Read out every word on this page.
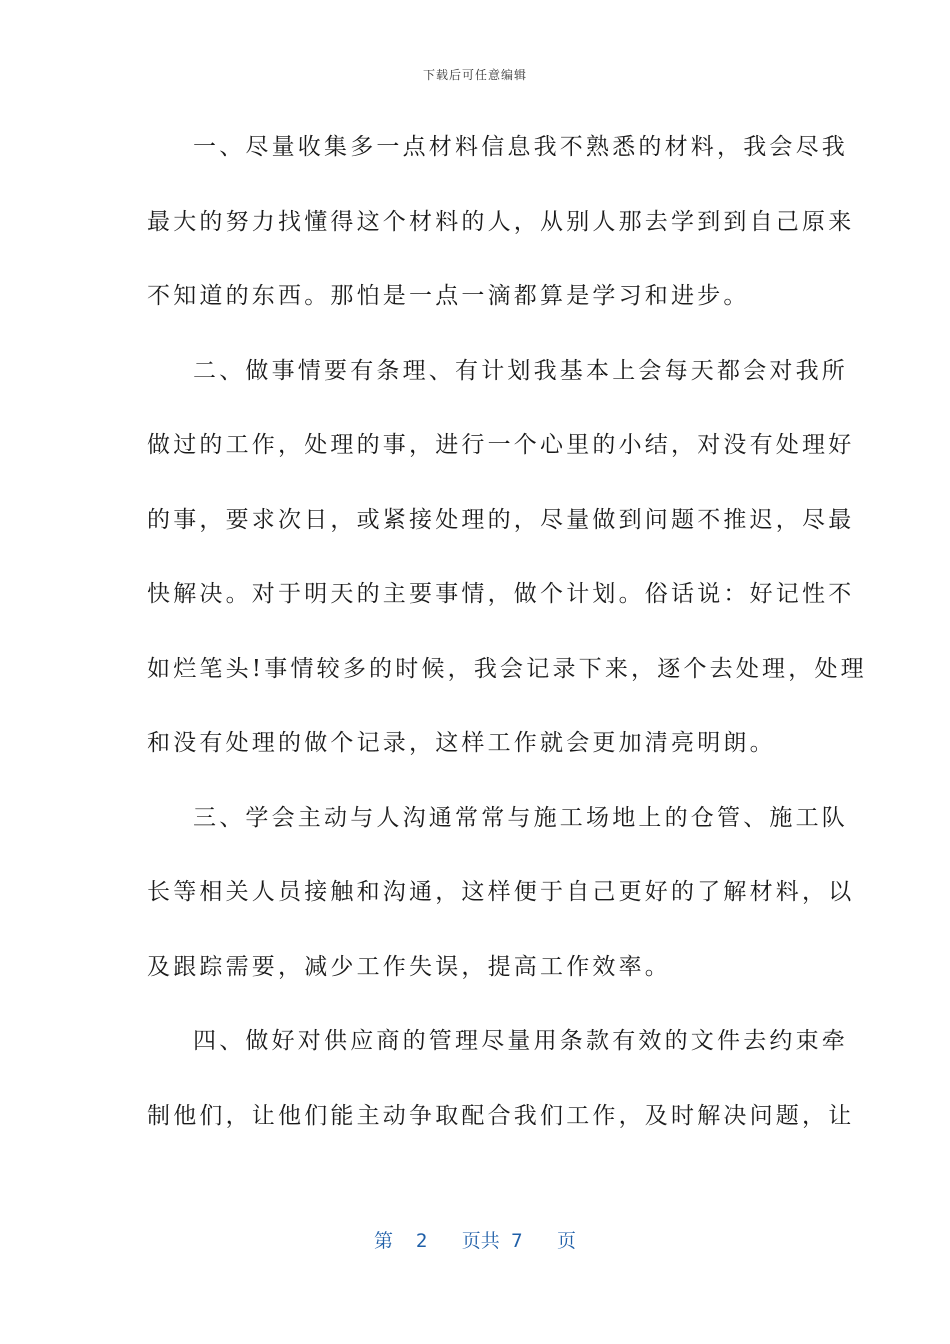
下载后可任意编辑
一、尽量收集多一点材料信息我不熟悉的材料，我会尽我
最大的努力找懂得这个材料的人，从别人那去学到到自己原来
不知道的东西。那怕是一点一滴都算是学习和进步。
二、做事情要有条理、有计划我基本上会每天都会对我所
做过的工作，处理的事，进行一个心里的小结，对没有处理好
的事，要求次日，或紧接处理的，尽量做到问题不推迟，尽最
快解决。对于明天的主要事情，做个计划。俗话说：好记性不
如烂笔头!事情较多的时候，我会记录下来，逐个去处理，处理
和没有处理的做个记录，这样工作就会更加清亮明朗。
三、学会主动与人沟通常常与施工场地上的仓管、施工队
长等相关人员接触和沟通，这样便于自己更好的了解材料，以
及跟踪需要，减少工作失误，提高工作效率。
四、做好对供应商的管理尽量用条款有效的文件去约束牵
制他们，让他们能主动争取配合我们工作，及时解决问题，让
第 2 页共 7 页
